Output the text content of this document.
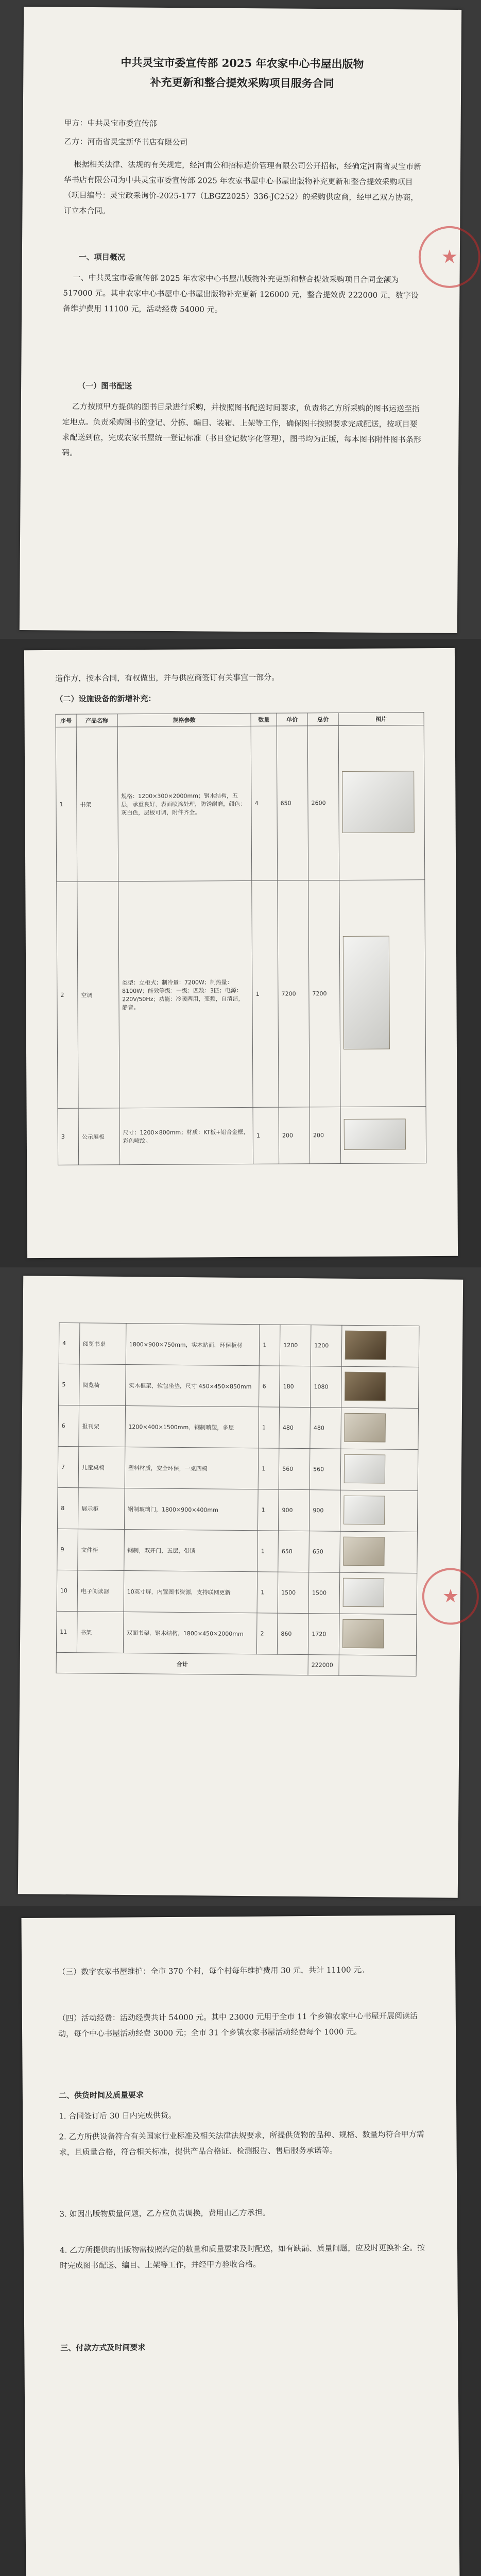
中共灵宝市委宣传部 2025 年农家中心书屋出版物
补充更新和整合提效采购项目服务合同
甲方：中共灵宝市委宣传部
乙方：河南省灵宝新华书店有限公司
根据相关法律、法规的有关规定，经河南公和招标造价管理有限公司公开招标，经确定河南省灵宝市新华书店有限公司为中共灵宝市委宣传部 2025 年农家书屋中心书屋出版物补充更新和整合提效采购项目（项目编号：灵宝政采询价-2025-177（LBGZ2025）336-JC252）的采购供应商，经甲乙双方协商，订立本合同。
一、项目概况
一、中共灵宝市委宣传部 2025 年农家中心书屋出版物补充更新和整合提效采购项目合同金额为 517000 元。其中农家中心书屋中心书屋出版物补充更新 126000 元，整合提效费 222000 元，数字设备维护费用 11100 元，活动经费 54000 元。
（一）图书配送
乙方按照甲方提供的图书目录进行采购，并按照图书配送时间要求，负责将乙方所采购的图书运送至指定地点。负责采购图书的登记、分拣、编目、装箱、上架等工作，确保图书按照要求完成配送，按项目要求配送到位，完成农家书屋统一登记标准（书目登记数字化管理），图书均为正版，每本图书附件图书条形码。
★
造作方，按本合同，有权做出，并与供应商签订有关事宜一部分。
（二）设施设备的新增补充：
序号	产品名称	规格参数	数量	单价	总价	图片
1	书架	规格：1200×300×2000mm；钢木结构，五层，承重良好，表面喷涂处理，防锈耐磨，颜色：灰白色，层板可调，附件齐全。	4	650	2600	
2	空调	类型：立柜式；制冷量：7200W；制热量：8100W；能效等级：一级；匹数：3匹；电源：220V/50Hz；功能：冷暖两用，变频，自清洁，静音。	1	7200	7200	
3	公示展板	尺寸：1200×800mm；材质：KT板+铝合金框，彩色喷绘。	1	200	200	
4	阅览书桌	1800×900×750mm，实木贴面，环保板材	1	1200	1200	
5	阅览椅	实木框架，软包坐垫，尺寸 450×450×850mm	6	180	1080	
6	报刊架	1200×400×1500mm，钢制喷塑，多层	1	480	480	
7	儿童桌椅	塑料材质，安全环保，一桌四椅	1	560	560	
8	展示柜	钢制玻璃门，1800×900×400mm	1	900	900	
9	文件柜	钢制，双开门，五层，带锁	1	650	650	
10	电子阅读器	10英寸屏，内置图书资源，支持联网更新	1	1500	1500	
11	书架	双面书架，钢木结构，1800×450×2000mm	2	860	1720	
合计					222000	
★
（三）数字农家书屋维护：全市 370 个村，每个村每年维护费用 30 元，共计 11100 元。
（四）活动经费：活动经费共计 54000 元。其中 23000 元用于全市 11 个乡镇农家中心书屋开展阅读活动，每个中心书屋活动经费 3000 元；全市 31 个乡镇农家书屋活动经费每个 1000 元。
二、供货时间及质量要求
1. 合同签订后 30 日内完成供货。
2. 乙方所供设备符合有关国家行业标准及相关法律法规要求，所提供货物的品种、规格、数量均符合甲方需求，且质量合格，符合相关标准，提供产品合格证、检测报告、售后服务承诺等。
3. 如因出版物质量问题，乙方应负责调换，费用由乙方承担。
4. 乙方所提供的出版物需按照约定的数量和质量要求及时配送，如有缺漏、质量问题，应及时更换补全。按时完成图书配送、编目、上架等工作，并经甲方验收合格。
三、付款方式及时间要求
